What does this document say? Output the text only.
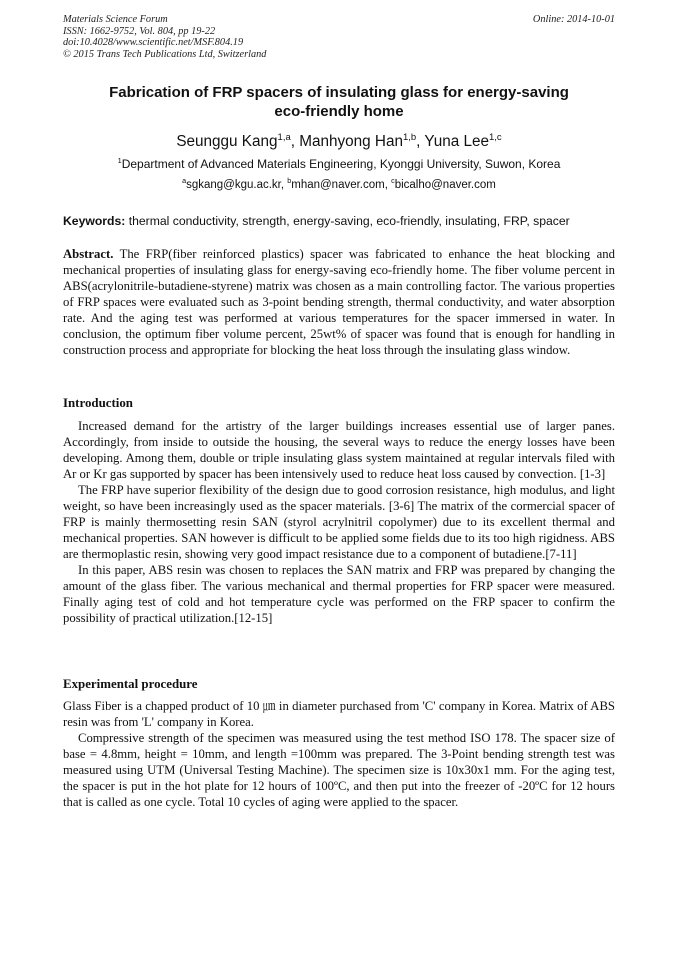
Materials Science Forum
ISSN: 1662-9752, Vol. 804, pp 19-22
doi:10.4028/www.scientific.net/MSF.804.19
© 2015 Trans Tech Publications Ltd, Switzerland
Online: 2014-10-01
Fabrication of FRP spacers of insulating glass for energy-saving
eco-friendly home
Seunggu Kang$^{1,a}$, Manhyong Han$^{1,b}$, Yuna Lee$^{1,c}$
$^1$Department of Advanced Materials Engineering, Kyonggi University, Suwon, Korea
$^a$sgkang@kgu.ac.kr, $^b$mhan@naver.com, $^c$bicalho@naver.com
Keywords: thermal conductivity, strength, energy-saving, eco-friendly, insulating, FRP, spacer

Abstract. The FRP(fiber reinforced plastics) spacer was fabricated to enhance the heat blocking and mechanical properties of insulating glass for energy-saving eco-friendly home. The fiber volume percent in ABS(acrylonitrile-butadiene-styrene) matrix was chosen as a main controlling factor. The various properties of FRP spaces were evaluated such as 3-point bending strength, thermal conductivity, and water absorption rate. And the aging test was performed at various temperatures for the spacer immersed in water. In conclusion, the optimum fiber volume percent, 25wt% of spacer was found that is enough for handling in construction process and appropriate for blocking the heat loss through the insulating glass window.

Introduction

Increased demand for the artistry of the larger buildings increases essential use of larger panes. Accordingly, from inside to outside the housing, the several ways to reduce the energy losses have been developing. Among them, double or triple insulating glass system maintained at regular intervals filed with Ar or Kr gas supported by spacer has been intensively used to reduce heat loss caused by convection. [1-3]

The FRP have superior flexibility of the design due to good corrosion resistance, high modulus, and light weight, so have been increasingly used as the spacer materials. [3-6] The matrix of the cormercial spacer of FRP is mainly thermosetting resin SAN (styrol acrylnitril copolymer) due to its excellent thermal and mechanical properties. SAN however is difficult to be applied some fields due to its too high rigidness. ABS are thermoplastic resin, showing very good impact resistance due to a component of butadiene.[7-11]

In this paper, ABS resin was chosen to replaces the SAN matrix and FRP was prepared by changing the amount of the glass fiber. The various mechanical and thermal properties for FRP spacer were measured. Finally aging test of cold and hot temperature cycle was performed on the FRP spacer to confirm the possibility of practical utilization.[12-15]

Experimental procedure

Glass Fiber is a chapped product of 10 ㎛ in diameter purchased from 'C' company in Korea. Matrix of ABS resin was from 'L' company in Korea.

Compressive strength of the specimen was measured using the test method ISO 178. The spacer size of base = 4.8mm, height = 10mm, and length =100mm was prepared. The 3-Point bending strength test was measured using UTM (Universal Testing Machine). The specimen size is 10x30x1 mm. For the aging test, the spacer is put in the hot plate for 12 hours of 100ºC, and then put into the freezer of -20ºC for 12 hours that is called as one cycle. Total 10 cycles of aging were applied to the spacer.
